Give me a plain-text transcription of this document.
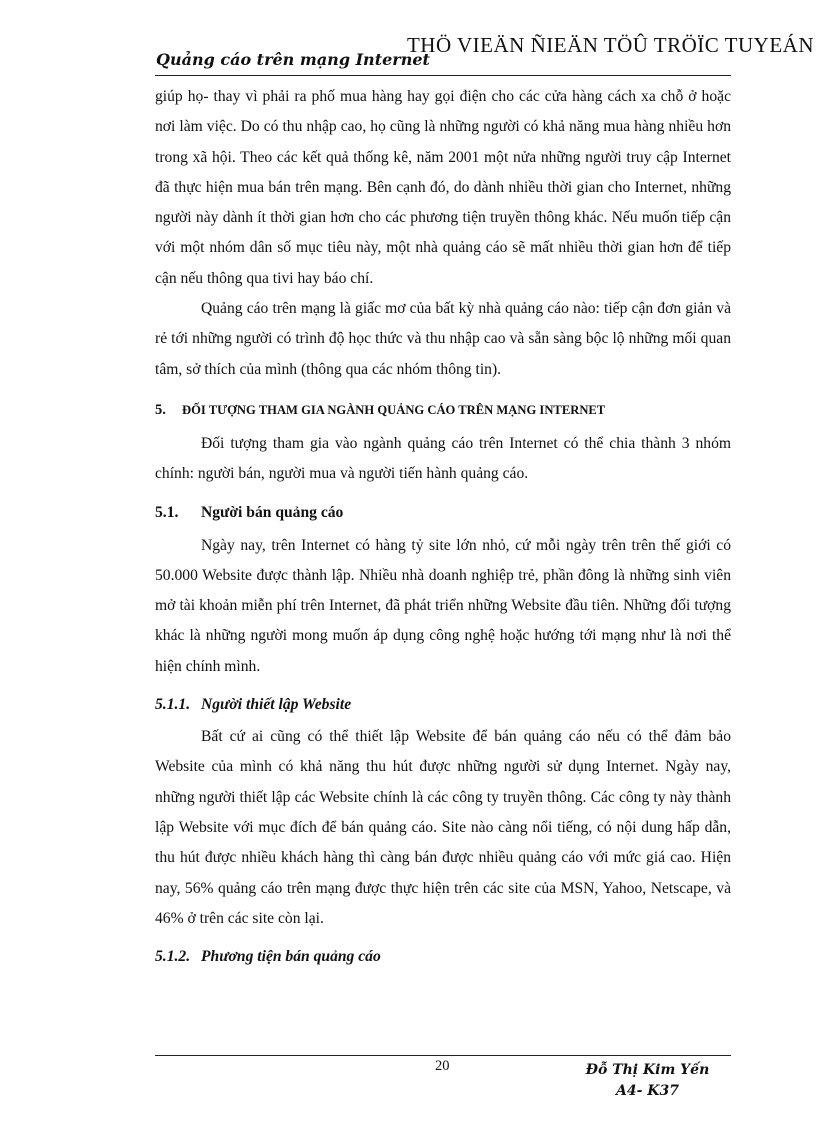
THÖ VIEÄN ÑIEÄN TÖÛ TRÖÏC TUYEÁN
Quảng cáo trên mạng Internet

giúp họ- thay vì phải ra phố mua hàng hay gọi điện cho các cửa hàng cách xa chỗ ở hoặc nơi làm việc. Do có thu nhập cao, họ cũng là những người có khả năng mua hàng nhiều hơn trong xã hội. Theo các kết quả thống kê, năm 2001 một nửa những người truy cập Internet đã thực hiện mua bán trên mạng. Bên cạnh đó, do dành nhiều thời gian cho Internet, những người này dành ít thời gian hơn cho các phương tiện truyền thông khác. Nếu muốn tiếp cận với một nhóm dân số mục tiêu này, một nhà quảng cáo sẽ mất nhiều thời gian hơn để tiếp cận nếu thông qua tivi hay báo chí.

Quảng cáo trên mạng là giấc mơ của bất kỳ nhà quảng cáo nào: tiếp cận đơn giản và rẻ tới những người có trình độ học thức và thu nhập cao và sẵn sàng bộc lộ những mối quan tâm, sở thích của mình (thông qua các nhóm thông tin).

5. ĐỐI TƯỢNG THAM GIA NGÀNH QUẢNG CÁO TRÊN MẠNG INTERNET

Đối tượng tham gia vào ngành quảng cáo trên Internet có thể chia thành 3 nhóm chính: người bán, người mua và người tiến hành quảng cáo.

5.1. Người bán quảng cáo

Ngày nay, trên Internet có hàng tỷ site lớn nhỏ, cứ mỗi ngày trên trên thế giới có 50.000 Website được thành lập. Nhiều nhà doanh nghiệp trẻ, phần đông là những sinh viên mở tài khoản miễn phí trên Internet, đã phát triển những Website đầu tiên. Những đối tượng khác là những người mong muốn áp dụng công nghệ hoặc hướng tới mạng như là nơi thể hiện chính mình.

5.1.1. Người thiết lập Website

Bất cứ ai cũng có thể thiết lập Website để bán quảng cáo nếu có thể đảm bảo Website của mình có khả năng thu hút được những người sử dụng Internet. Ngày nay, những người thiết lập các Website chính là các công ty truyền thông. Các công ty này thành lập Website với mục đích để bán quảng cáo. Site nào càng nổi tiếng, có nội dung hấp dẫn, thu hút được nhiều khách hàng thì càng bán được nhiều quảng cáo với mức giá cao. Hiện nay, 56% quảng cáo trên mạng được thực hiện trên các site của MSN, Yahoo, Netscape, và 46% ở trên các site còn lại.

5.1.2. Phương tiện bán quảng cáo
20	Đỗ Thị Kim Yến
A4- K37
